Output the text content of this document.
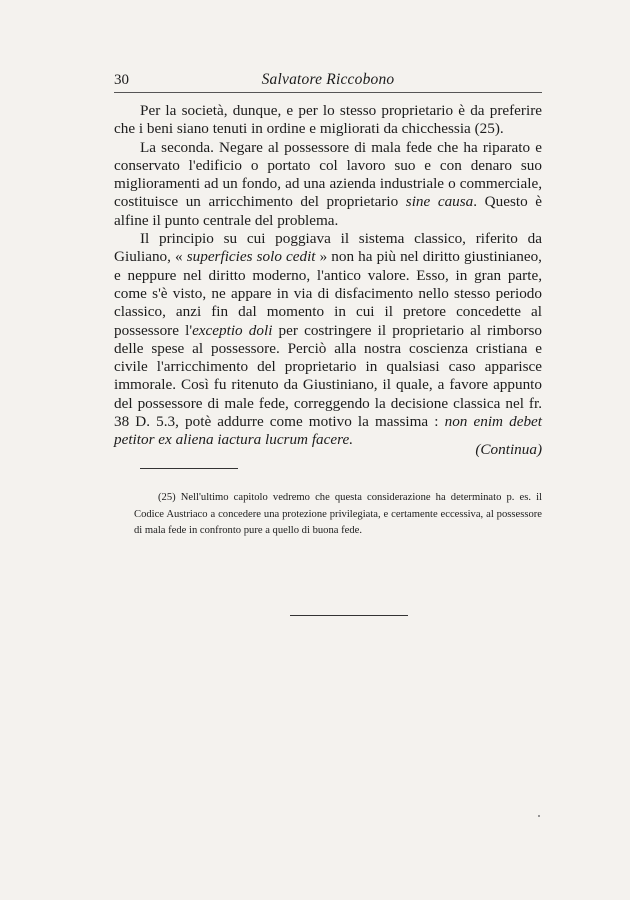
30	Salvatore Riccobono

Per la società, dunque, e per lo stesso proprietario è da preferire che i beni siano tenuti in ordine e migliorati da chicchessia (25).

La seconda. Negare al possessore di mala fede che ha riparato e conservato l'edificio o portato col lavoro suo e con denaro suo miglioramenti ad un fondo, ad una azienda industriale o commerciale, costituisce un arricchimento del proprietario sine causa. Questo è alfine il punto centrale del problema.

Il principio su cui poggiava il sistema classico, riferito da Giuliano, « superficies solo cedit » non ha più nel diritto giustinianeo, e neppure nel diritto moderno, l'antico valore. Esso, in gran parte, come s'è visto, ne appare in via di disfacimento nello stesso periodo classico, anzi fin dal momento in cui il pretore concedette al possessore l'exceptio doli per costringere il proprietario al rimborso delle spese al possessore. Perciò alla nostra coscienza cristiana e civile l'arricchimento del proprietario in qualsiasi caso apparisce immorale. Così fu ritenuto da Giustiniano, il quale, a favore appunto del possessore di male fede, correggendo la decisione classica nel fr. 38 D. 5.3, potè addurre come motivo la massima : non enim debet petitor ex aliena iactura lucrum facere.

(Continua)

(25) Nell'ultimo capitolo vedremo che questa considerazione ha determinato p. es. il Codice Austriaco a concedere una protezione privilegiata, e certamente eccessiva, al possessore di mala fede in confronto pure a quello di buona fede.
